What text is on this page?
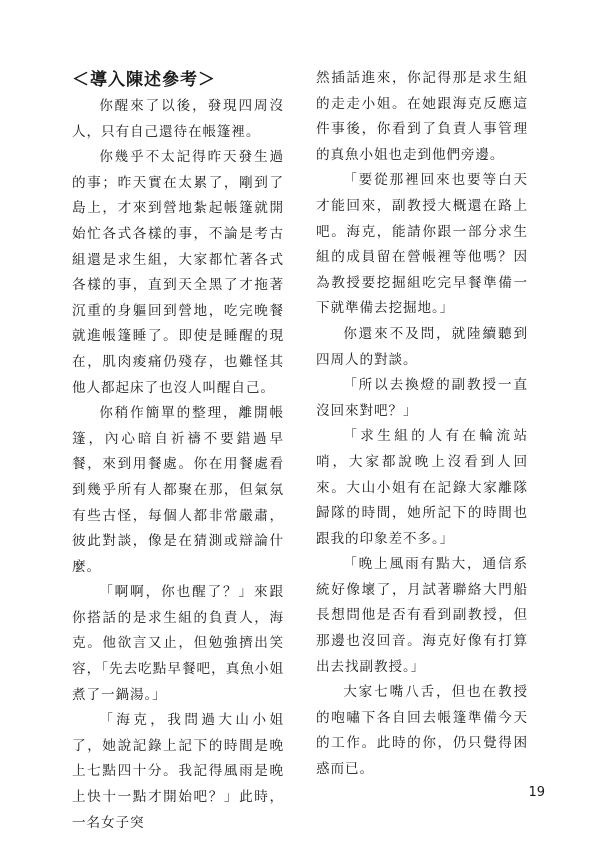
＜導入陳述參考＞

你醒來了以後，發現四周沒人，只有自己還待在帳篷裡。

你幾乎不太記得昨天發生過的事；昨天實在太累了，剛到了島上，才來到營地紮起帳篷就開始忙各式各樣的事，不論是考古組還是求生組，大家都忙著各式各樣的事，直到天全黑了才拖著沉重的身軀回到營地，吃完晚餐就進帳篷睡了。即使是睡醒的現在，肌肉痠痛仍殘存，也難怪其他人都起床了也沒人叫醒自己。

你稍作簡單的整理，離開帳篷，內心暗自祈禱不要錯過早餐，來到用餐處。你在用餐處看到幾乎所有人都聚在那，但氣氛有些古怪，每個人都非常嚴肅，彼此對談，像是在猜測或辯論什麼。

「啊啊，你也醒了？」來跟你搭話的是求生組的負責人，海克。他欲言又止，但勉強擠出笑容，「先去吃點早餐吧，真魚小姐煮了一鍋湯。」

「海克，我問過大山小姐了，她說記錄上記下的時間是晚上七點四十分。我記得風雨是晚上快十一點才開始吧？」此時，一名女子突

然插話進來，你記得那是求生組的走走小姐。在她跟海克反應這件事後，你看到了負責人事管理的真魚小姐也走到他們旁邊。

「要從那裡回來也要等白天才能回來，副教授大概還在路上吧。海克，能請你跟一部分求生組的成員留在營帳裡等他嗎？因為教授要挖掘組吃完早餐準備一下就準備去挖掘地。」

你還來不及問，就陸續聽到四周人的對談。

「所以去換燈的副教授一直沒回來對吧？」

「求生組的人有在輪流站哨，大家都說晚上沒看到人回來。大山小姐有在記錄大家離隊歸隊的時間，她所記下的時間也跟我的印象差不多。」

「晚上風雨有點大，通信系統好像壞了，月試著聯絡大門船長想問他是否有看到副教授，但那邊也沒回音。海克好像有打算出去找副教授。」

大家七嘴八舌，但也在教授的咆嘯下各自回去帳篷準備今天的工作。此時的你，仍只覺得困惑而已。

19
